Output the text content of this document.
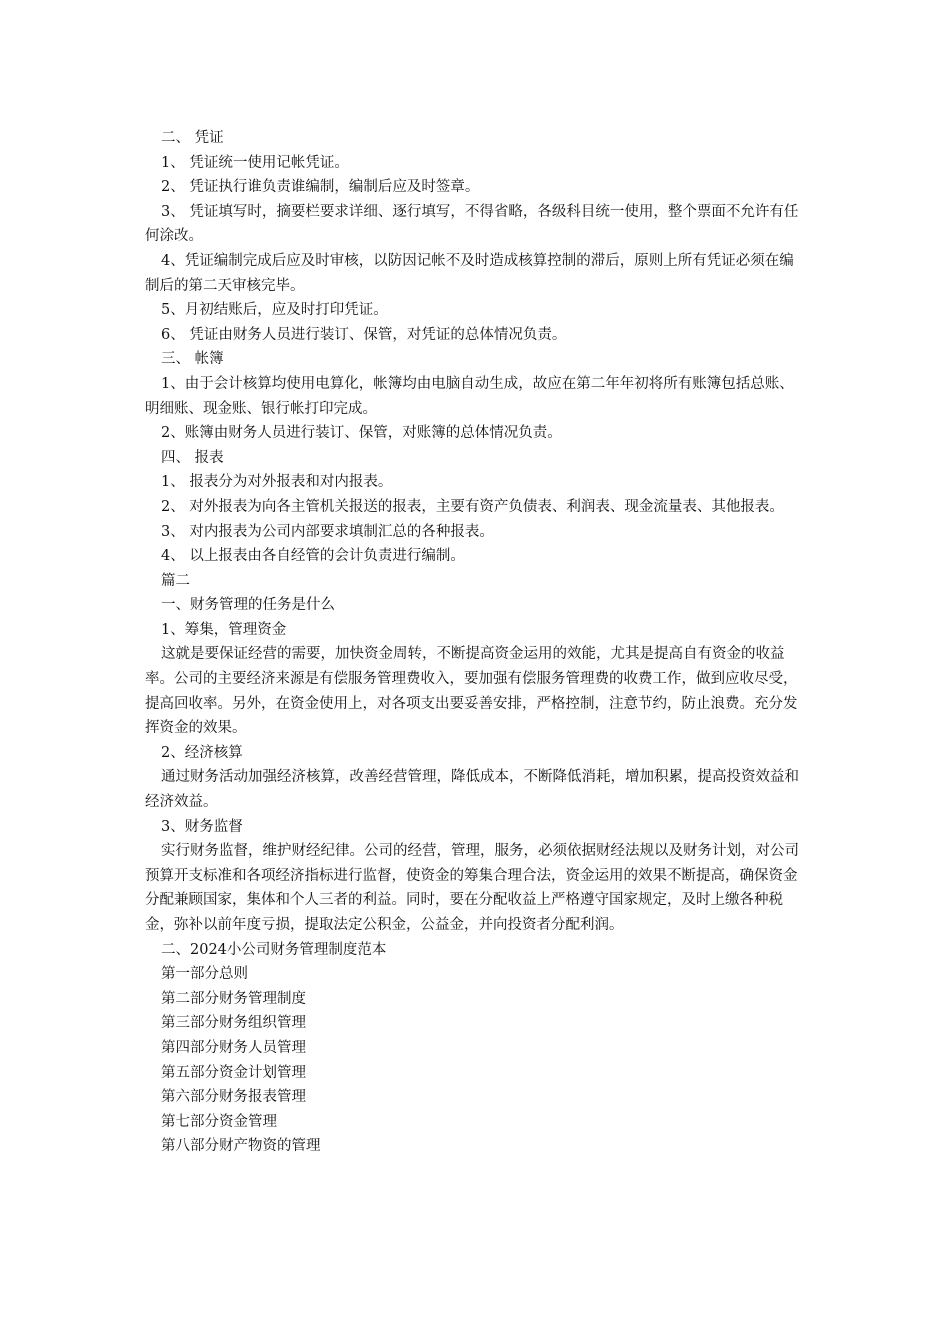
二、 凭证

1、 凭证统一使用记帐凭证。

2、 凭证执行谁负责谁编制，编制后应及时签章。

3、 凭证填写时，摘要栏要求详细、逐行填写，不得省略，各级科目统一使用，整个票面不允许有任何涂改。

4、凭证编制完成后应及时审核，以防因记帐不及时造成核算控制的滞后，原则上所有凭证必须在编制后的第二天审核完毕。

5、月初结账后，应及时打印凭证。

6、 凭证由财务人员进行装订、保管，对凭证的总体情况负责。

三、 帐簿

1、由于会计核算均使用电算化，帐簿均由电脑自动生成，故应在第二年年初将所有账簿包括总账、明细账、现金账、银行帐打印完成。

2、账簿由财务人员进行装订、保管，对账簿的总体情况负责。

四、 报表

1、 报表分为对外报表和对内报表。

2、 对外报表为向各主管机关报送的报表，主要有资产负债表、利润表、现金流量表、其他报表。

3、 对内报表为公司内部要求填制汇总的各种报表。

4、 以上报表由各自经管的会计负责进行编制。

篇二

一、财务管理的任务是什么

1、筹集，管理资金

这就是要保证经营的需要，加快资金周转，不断提高资金运用的效能，尤其是提高自有资金的收益率。公司的主要经济来源是有偿服务管理费收入，要加强有偿服务管理费的收费工作，做到应收尽受，提高回收率。另外，在资金使用上，对各项支出要妥善安排，严格控制，注意节约，防止浪费。充分发挥资金的效果。

2、经济核算

通过财务活动加强经济核算，改善经营管理，降低成本，不断降低消耗，增加积累，提高投资效益和经济效益。

3、财务监督

实行财务监督，维护财经纪律。公司的经营，管理，服务，必须依据财经法规以及财务计划，对公司预算开支标准和各项经济指标进行监督，使资金的筹集合理合法，资金运用的效果不断提高，确保资金分配兼顾国家，集体和个人三者的利益。同时，要在分配收益上严格遵守国家规定，及时上缴各种税金，弥补以前年度亏损，提取法定公积金，公益金，并向投资者分配利润。

二、2024小公司财务管理制度范本

第一部分总则

第二部分财务管理制度

第三部分财务组织管理

第四部分财务人员管理

第五部分资金计划管理

第六部分财务报表管理

第七部分资金管理

第八部分财产物资的管理
